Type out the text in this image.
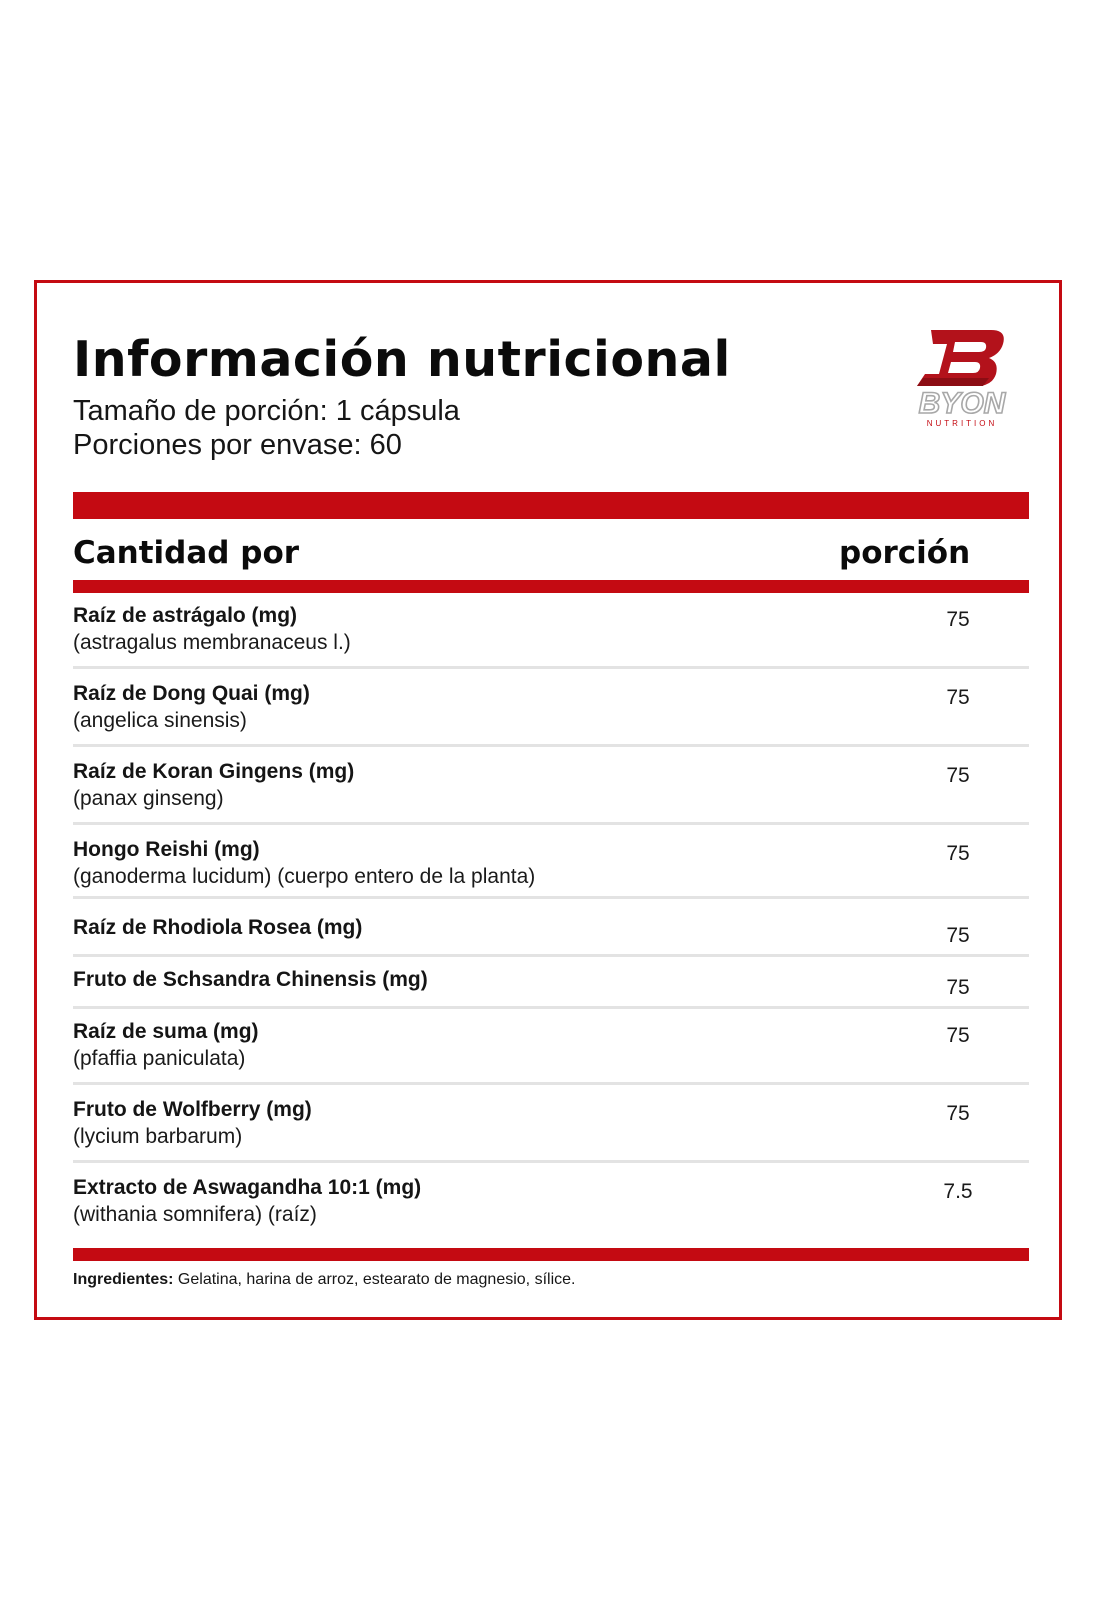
Información nutricional
Tamaño de porción: 1 cápsula
Porciones por envase: 60
BYON
NUTRITION
Cantidad por	porción
Raíz de astrágalo (mg)
(astragalus membranaceus l.)
75
Raíz de Dong Quai (mg)
(angelica sinensis)
75
Raíz de Koran Gingens (mg)
(panax ginseng)
75
Hongo Reishi (mg)
(ganoderma lucidum) (cuerpo entero de la planta)
75
Raíz de Rhodiola Rosea (mg)	75
Fruto de Schsandra Chinensis (mg)	75
Raíz de suma (mg)
(pfaffia paniculata)
75
Fruto de Wolfberry (mg)
(lycium barbarum)
75
Extracto de Aswagandha 10:1 (mg)
(withania somnifera) (raíz)
7.5
Ingredientes: Gelatina, harina de arroz, estearato de magnesio, sílice.
